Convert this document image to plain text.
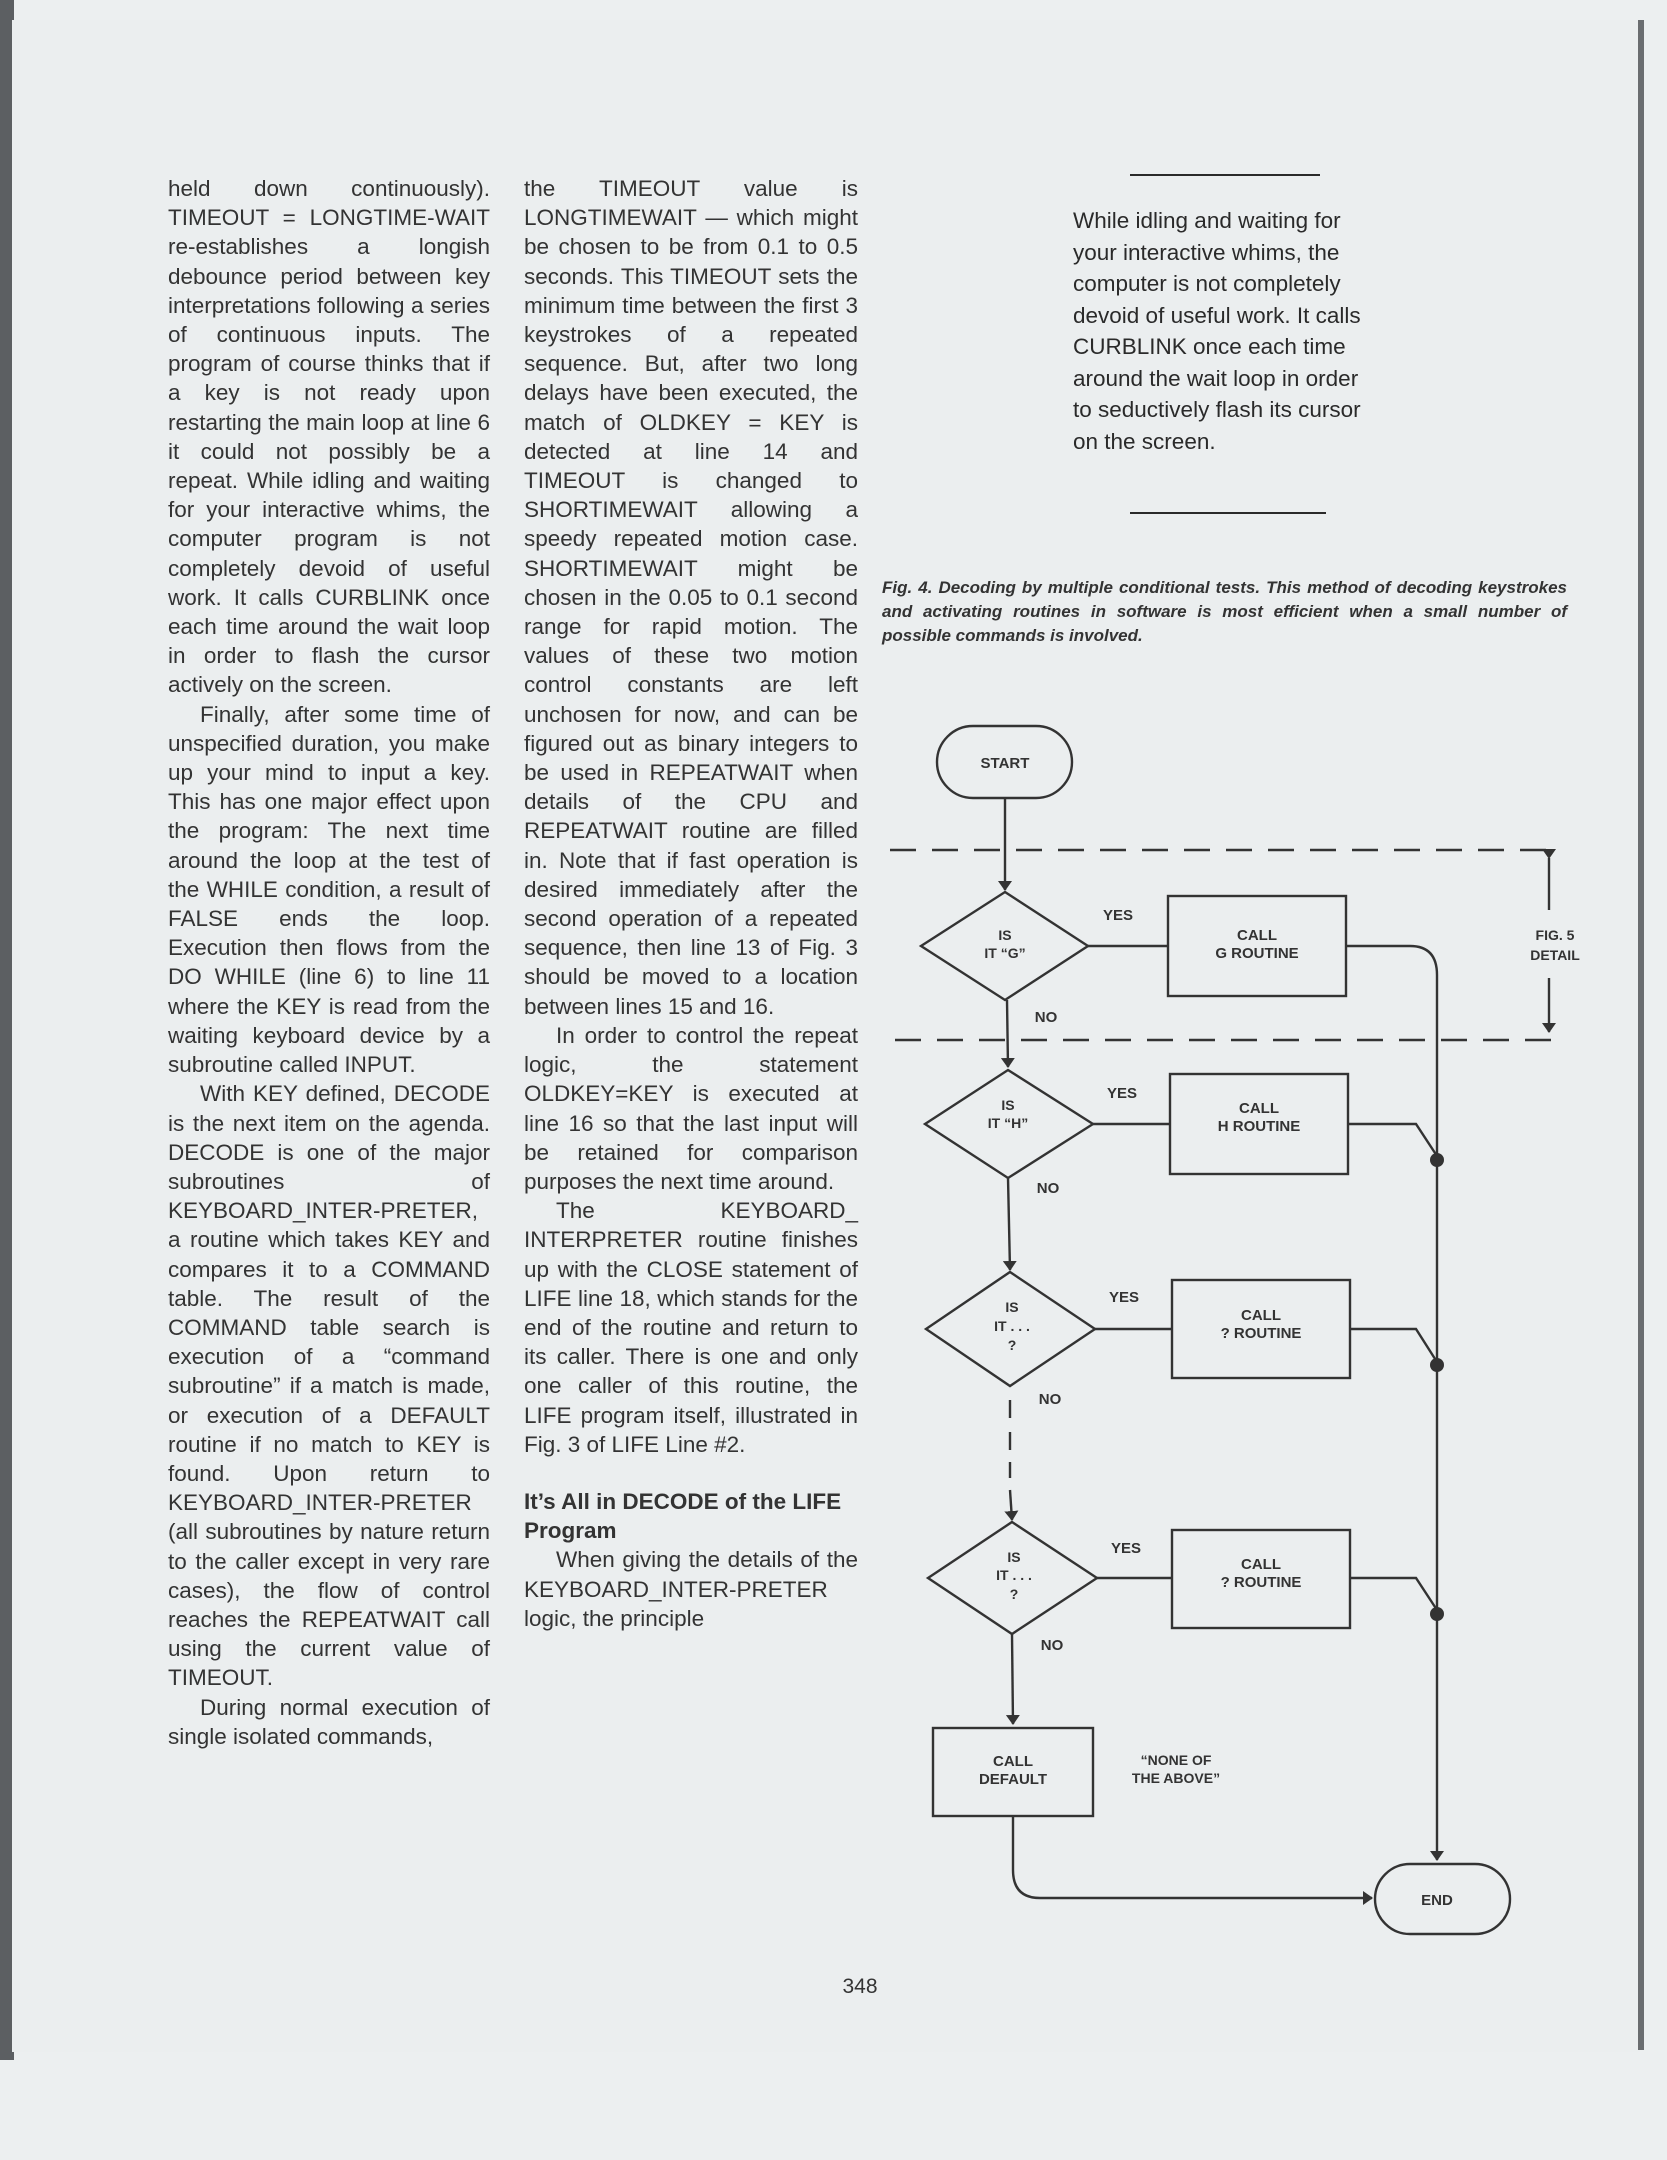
held down continuously). TIMEOUT = LONGTIME-WAIT re-establishes a longish debounce period between key interpretations following a series of continuous inputs. The program of course thinks that if a key is not ready upon restarting the main loop at line 6 it could not possibly be a repeat. While idling and waiting for your interactive whims, the computer program is not completely devoid of useful work. It calls CURBLINK once each time around the wait loop in order to flash the cursor actively on the screen.

Finally, after some time of unspecified duration, you make up your mind to input a key. This has one major effect upon the program: The next time around the loop at the test of the WHILE condition, a result of FALSE ends the loop. Execution then flows from the DO WHILE (line 6) to line 11 where the KEY is read from the waiting keyboard device by a subroutine called INPUT.

With KEY defined, DECODE is the next item on the agenda. DECODE is one of the major subroutines of KEYBOARD_INTER-PRETER, a routine which takes KEY and compares it to a COMMAND table. The result of the COMMAND table search is execution of a “command subroutine” if a match is made, or execution of a DEFAULT routine if no match to KEY is found. Upon return to KEYBOARD_INTER-PRETER (all subroutines by nature return to the caller except in very rare cases), the flow of control reaches the REPEATWAIT call using the current value of TIMEOUT.

During normal execution of single isolated commands,

the TIMEOUT value is LONGTIMEWAIT — which might be chosen to be from 0.1 to 0.5 seconds. This TIMEOUT sets the minimum time between the first 3 keystrokes of a repeated sequence. But, after two long delays have been executed, the match of OLDKEY = KEY is detected at line 14 and TIMEOUT is changed to SHORTIMEWAIT allowing a speedy repeated motion case. SHORTIMEWAIT might be chosen in the 0.05 to 0.1 second range for rapid motion. The values of these two motion control constants are left unchosen for now, and can be figured out as binary integers to be used in REPEATWAIT when details of the CPU and REPEATWAIT routine are filled in. Note that if fast operation is desired immediately after the second operation of a repeated sequence, then line 13 of Fig. 3 should be moved to a location between lines 15 and 16.

In order to control the repeat logic, the statement OLDKEY=KEY is executed at line 16 so that the last input will be retained for comparison purposes the next time around.

The KEYBOARD_ INTERPRETER routine finishes up with the CLOSE statement of LIFE line 18, which stands for the end of the routine and return to its caller. There is one and only one caller of this routine, the LIFE program itself, illustrated in Fig. 3 of LIFE Line #2.

It’s All in DECODE of the LIFE Program

When giving the details of the KEYBOARD_INTER-PRETER logic, the principle

While idling and waiting for your interactive whims, the computer is not completely devoid of useful work. It calls CURBLINK once each time around the wait loop in order to seductively flash its cursor on the screen.
Fig. 4. Decoding by multiple conditional tests. This method of decoding keystrokes and activating routines in software is most efficient when a small number of possible commands is involved.
START
END
IS
IT “G”
IS
IT “H”
IS
IT . . .
?
IS
IT . . .
?
CALL
G ROUTINE
CALL
H ROUTINE
CALL
? ROUTINE
CALL
? ROUTINE
CALL
DEFAULT
“NONE OF
THE ABOVE”
FIG. 5
DETAIL
YES
YES
YES
YES
NO
NO
NO
NO
348
